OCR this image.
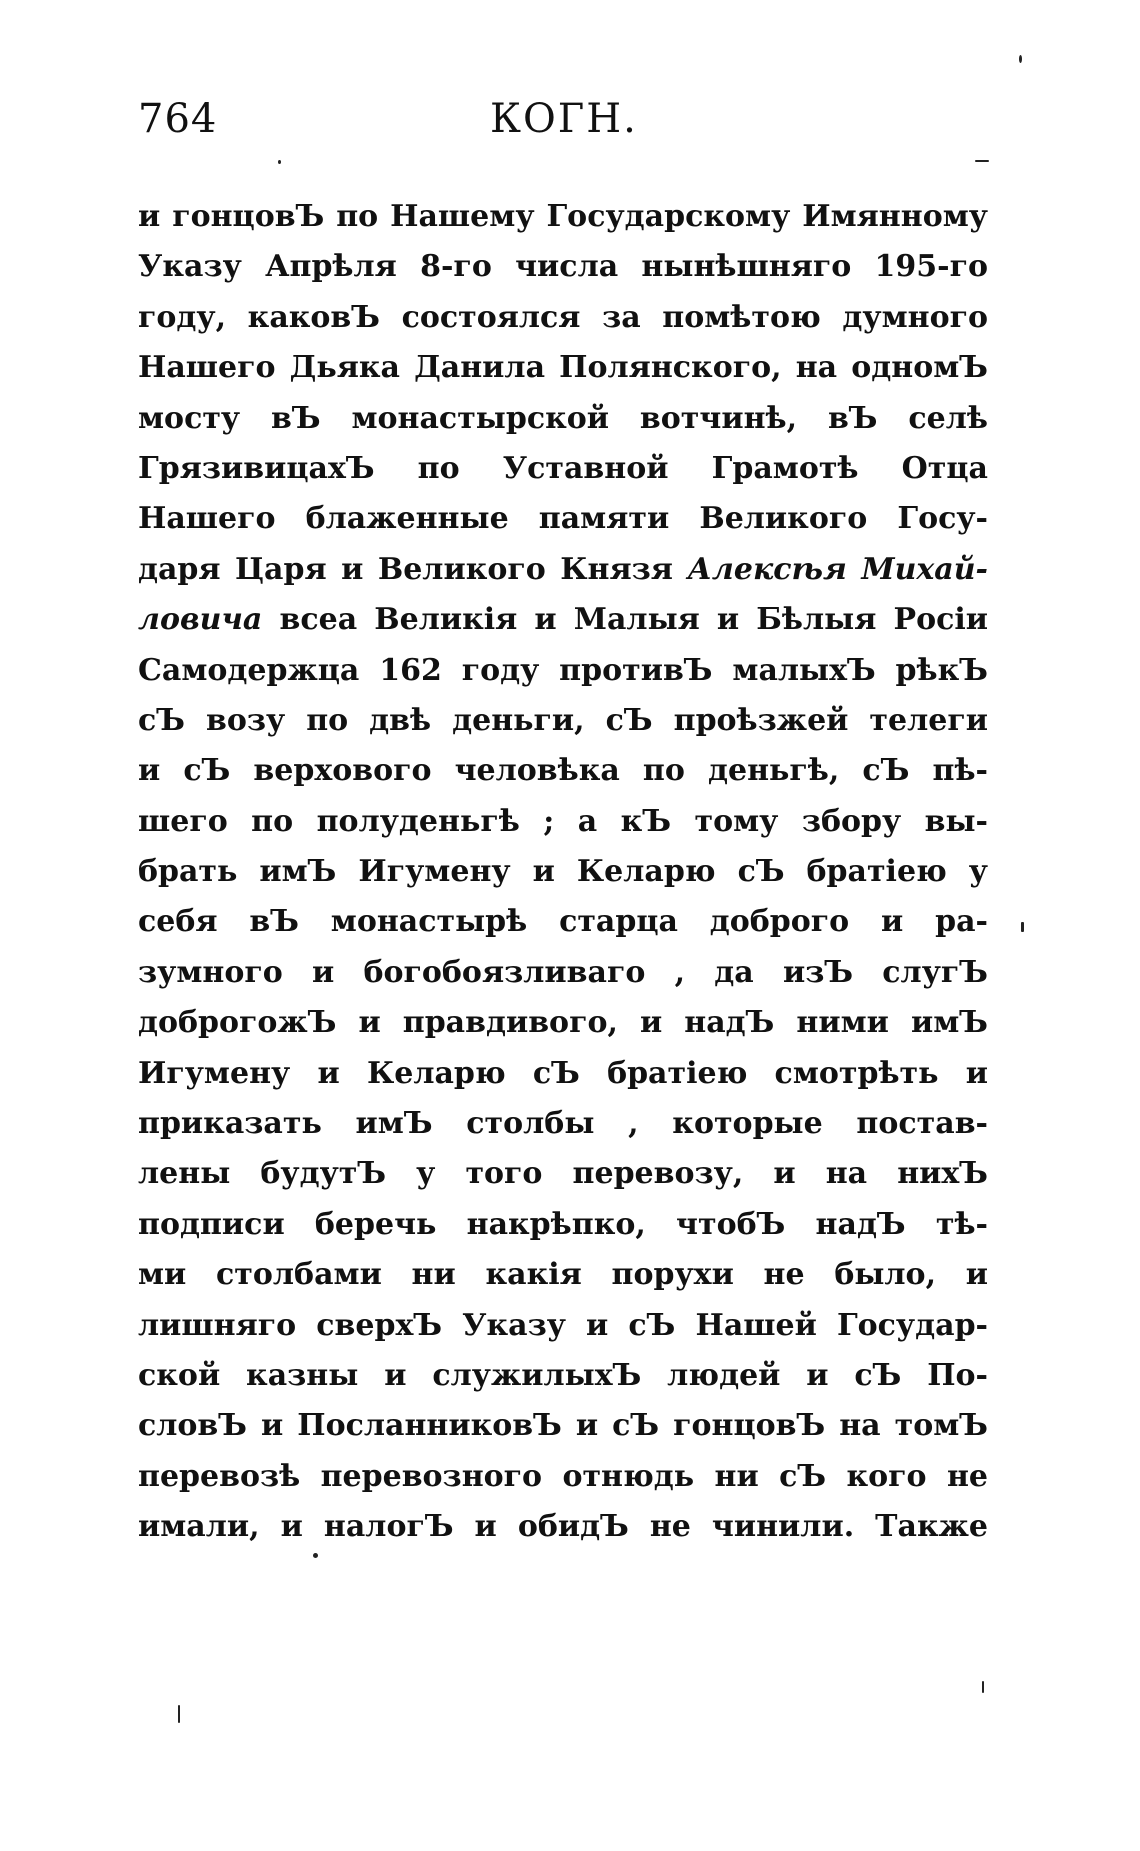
764	КОГН.
и гонцовЪ по Нашему Государскому Имянному
Указу Апрѣля 8-го числа нынѣшняго 195-го
году, каковЪ состоялся за помѣтою думного
Нашего Дьяка Данила Полянского, на одномЪ
мосту вЪ монастырской вотчинѣ, вЪ селѣ
ГрязивицахЪ по Уставной Грамотѣ Отца
Нашего блаженные памяти Великого Госу-
даря Царя и Великого Князя Алексѣя Михай-
ловича всеа Великія и Малыя и Бѣлыя Росіи
Самодержца 162 году противЪ малыхЪ рѣкЪ
сЪ возу по двѣ деньги, сЪ проѣзжей телеги
и сЪ верхового человѣка по деньгѣ, сЪ пѣ-
шего по полуденьгѣ ; а кЪ тому збору вы-
брать имЪ Игумену и Келарю сЪ братіею у
себя вЪ монастырѣ старца доброго и ра-
зумного и богобоязливаго , да изЪ слугЪ
доброгожЪ и правдивого, и надЪ ними имЪ
Игумену и Келарю сЪ братіею смотрѣть и
приказать имЪ столбы , которые постав-
лены будутЪ у того перевозу, и на нихЪ
подписи беречь накрѣпко, чтобЪ надЪ тѣ-
ми столбами ни какія порухи не было, и
лишняго сверхЪ Указу и сЪ Нашей Государ-
ской казны и служилыхЪ людей и сЪ По-
словЪ и ПосланниковЪ и сЪ гонцовЪ на томЪ
перевозѣ перевозного отнюдь ни сЪ кого не
имали, и налогЪ и обидЪ не чинили. Также
